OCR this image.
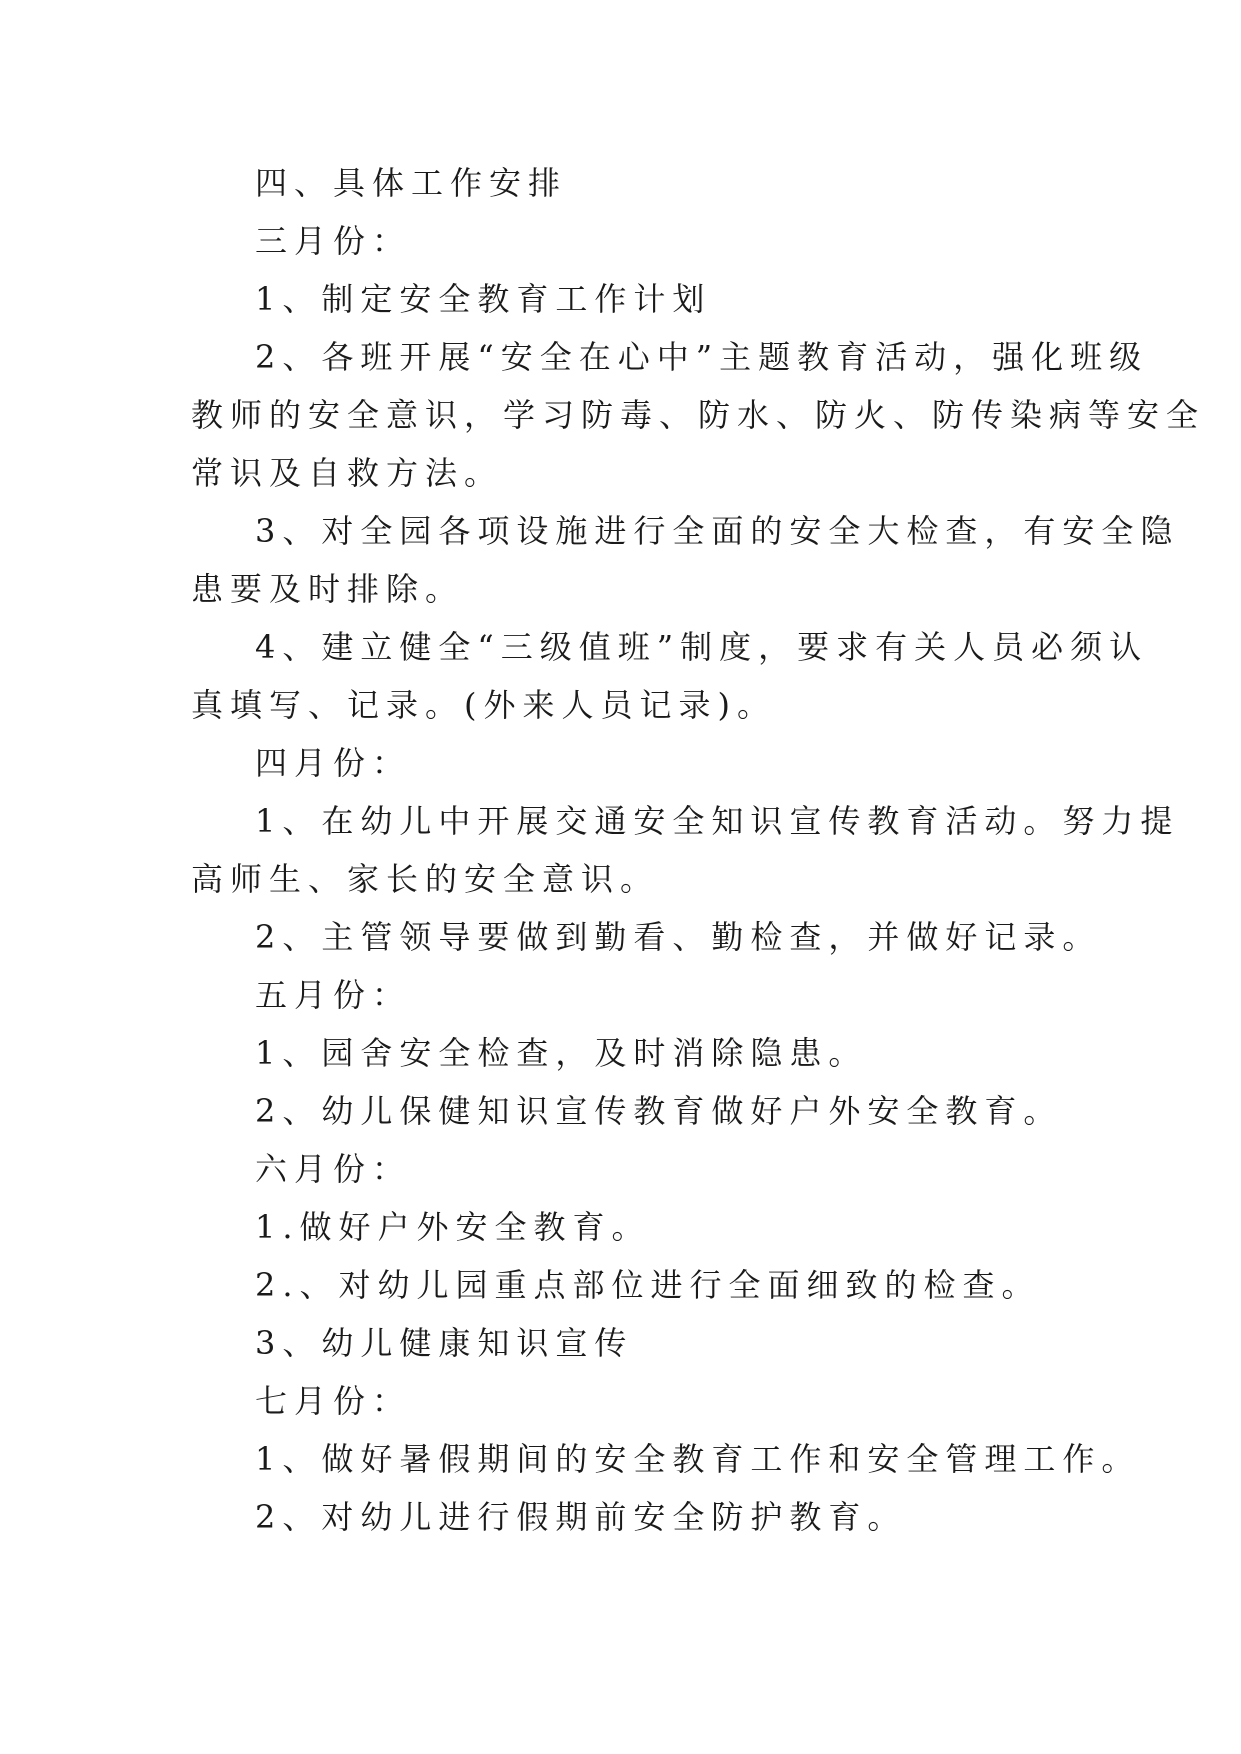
四、具体工作安排
三月份：
1、制定安全教育工作计划
2、各班开展“安全在心中”主题教育活动，强化班级
教师的安全意识，学习防毒、防水、防火、防传染病等安全
常识及自救方法。
3、对全园各项设施进行全面的安全大检查，有安全隐
患要及时排除。
4、建立健全“三级值班”制度，要求有关人员必须认
真填写、记录。(外来人员记录)。
四月份：
1、在幼儿中开展交通安全知识宣传教育活动。努力提
高师生、家长的安全意识。
2、主管领导要做到勤看、勤检查，并做好记录。
五月份：
1、园舍安全检查，及时消除隐患。
2、幼儿保健知识宣传教育做好户外安全教育。
六月份：
1.做好户外安全教育。
2.、对幼儿园重点部位进行全面细致的检查。
3、幼儿健康知识宣传
七月份：
1、做好暑假期间的安全教育工作和安全管理工作。
2、对幼儿进行假期前安全防护教育。
